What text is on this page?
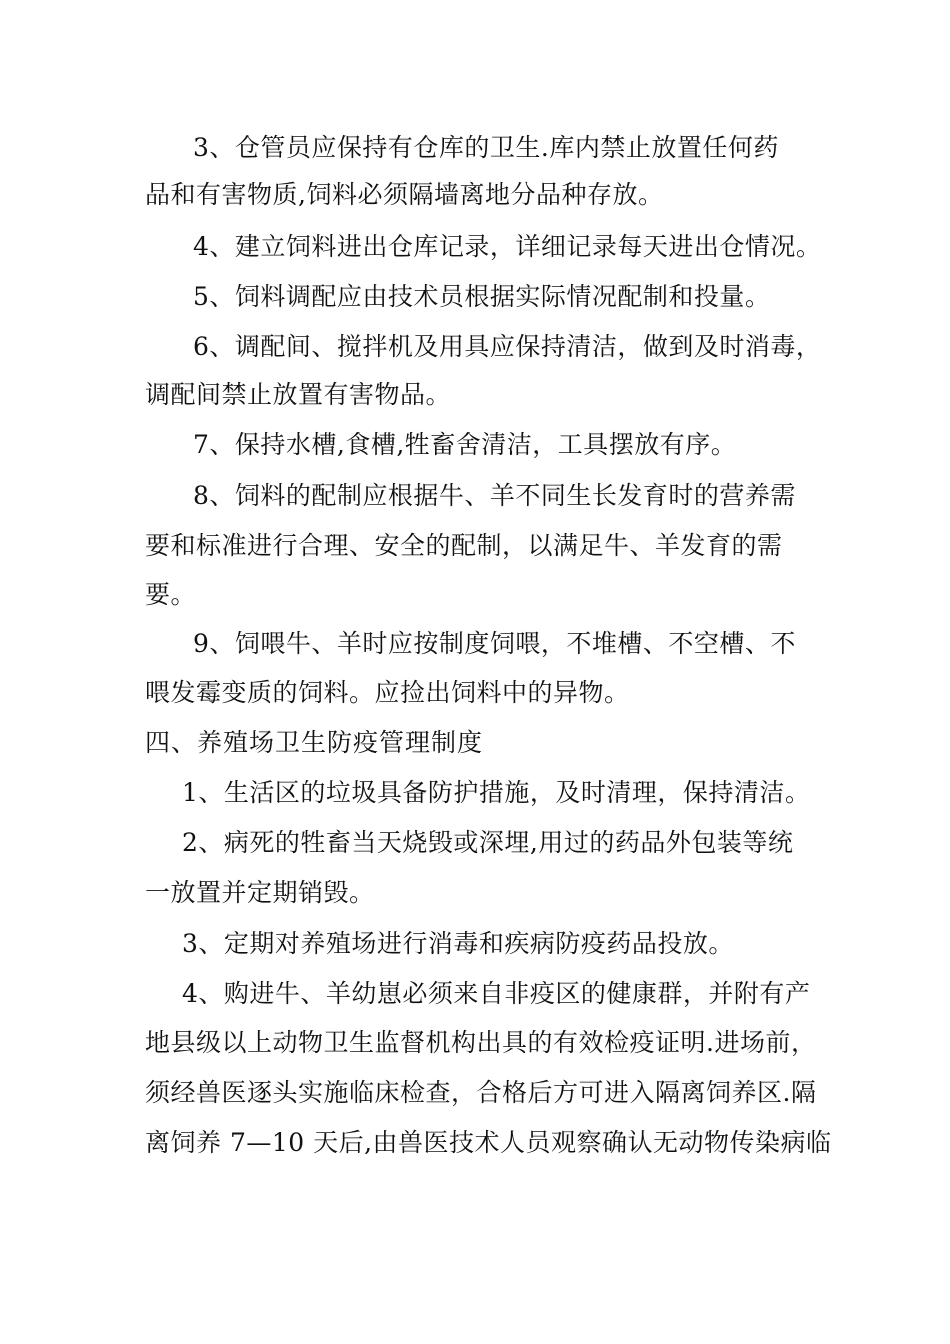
3、仓管员应保持有仓库的卫生.库内禁止放置任何药
品和有害物质,饲料必须隔墙离地分品种存放。
4、建立饲料进出仓库记录，详细记录每天进出仓情况。
5、饲料调配应由技术员根据实际情况配制和投量。
6、调配间、搅拌机及用具应保持清洁，做到及时消毒，
调配间禁止放置有害物品。
7、保持水槽,食槽,牲畜舍清洁，工具摆放有序。
8、饲料的配制应根据牛、羊不同生长发育时的营养需
要和标准进行合理、安全的配制，以满足牛、羊发育的需
要。
9、饲喂牛、羊时应按制度饲喂，不堆槽、不空槽、不
喂发霉变质的饲料。应捡出饲料中的异物。
四、养殖场卫生防疫管理制度
1、生活区的垃圾具备防护措施，及时清理，保持清洁。
2、病死的牲畜当天烧毁或深埋,用过的药品外包装等统
一放置并定期销毁。
3、定期对养殖场进行消毒和疾病防疫药品投放。
4、购进牛、羊幼崽必须来自非疫区的健康群，并附有产
地县级以上动物卫生监督机构出具的有效检疫证明.进场前，
须经兽医逐头实施临床检查，合格后方可进入隔离饲养区.隔
离饲养 7—10 天后,由兽医技术人员观察确认无动物传染病临
